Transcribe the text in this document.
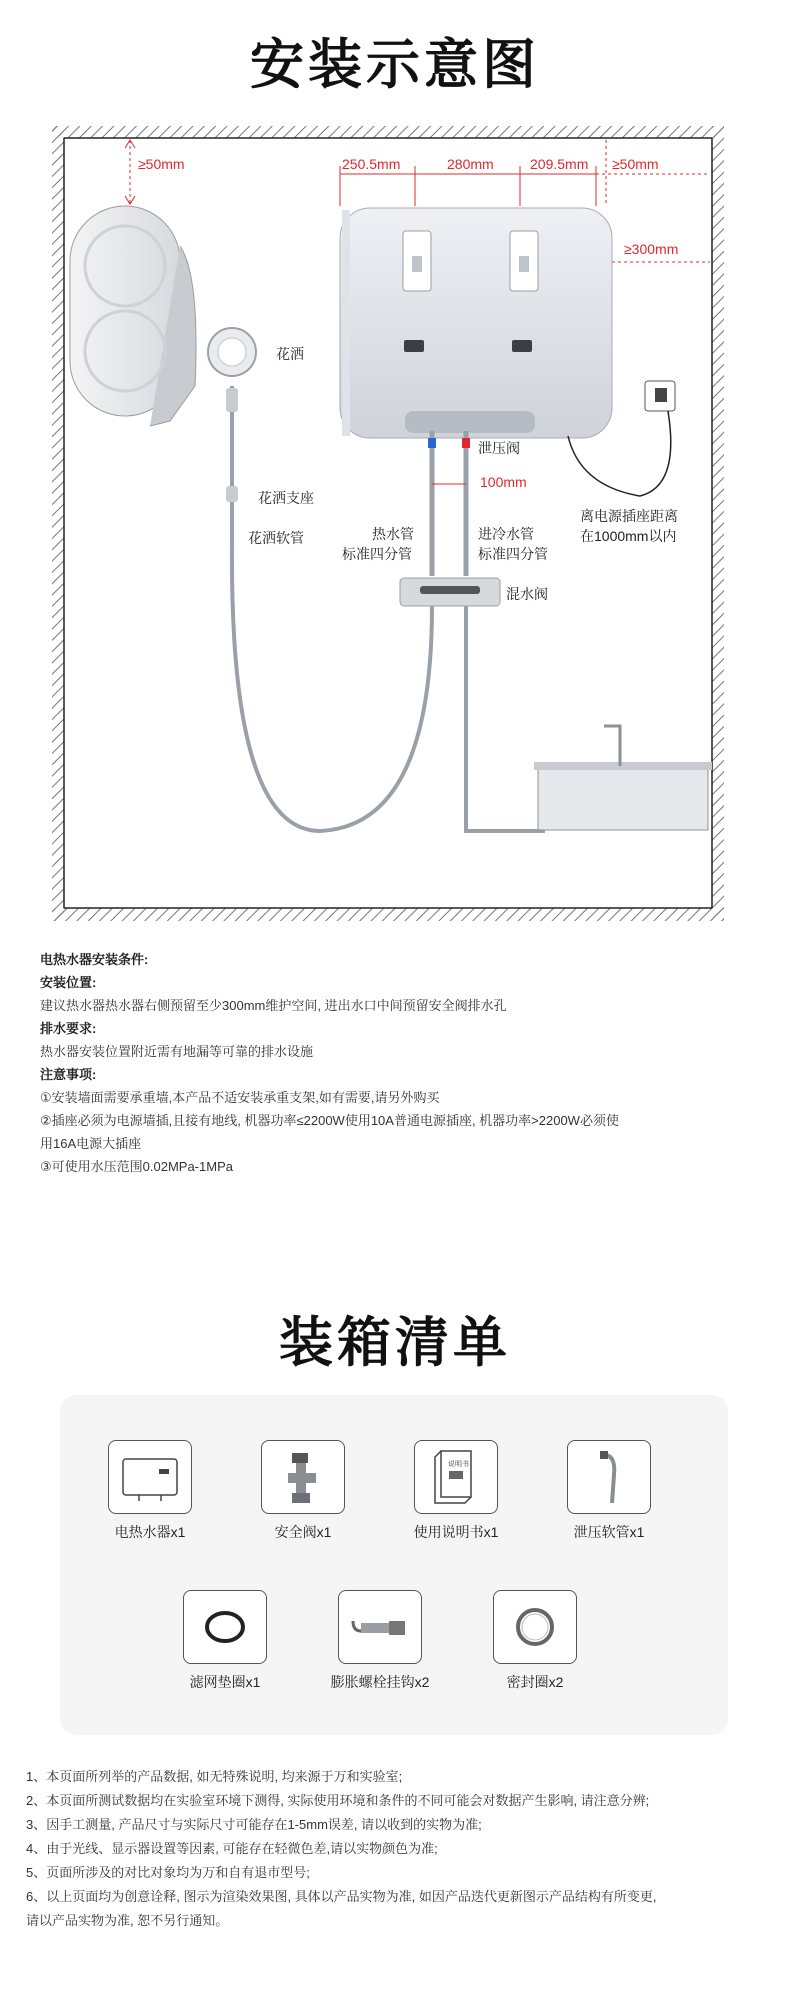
安装示意图
≥50mm	250.5mm	280mm	209.5mm ≥50mm
≥300mm
100mm
花洒
花洒支座
花洒软管
泄压阀
热水管
标准四分管
进冷水管
标准四分管
混水阀
离电源插座距离
在1000mm以内
电热水器安装条件:
安装位置:
建议热水器热水器右侧预留至少300mm维护空间, 进出水口中间预留安全阀排水孔
排水要求:
热水器安装位置附近需有地漏等可靠的排水设施
注意事项:
①安装墙面需要承重墙,本产品不适安装承重支架,如有需要,请另外购买
②插座必须为电源墙插,且接有地线, 机器功率≤2200W使用10A普通电源插座, 机器功率>2200W必须使
用16A电源大插座
③可使用水压范围0.02MPa-1MPa
装箱清单
电热水器x1	安全阀x1
说明书
使用说明书x1	泄压软管x1
滤网垫圈x1	膨胀螺栓挂钩x2	密封圈x2
1、本页面所列举的产品数据, 如无特殊说明, 均来源于万和实验室;
2、本页面所测试数据均在实验室环境下测得, 实际使用环境和条件的不同可能会对数据产生影响, 请注意分辨;
3、因手工测量, 产品尺寸与实际尺寸可能存在1-5mm误差, 请以收到的实物为准;
4、由于光线、显示器设置等因素, 可能存在轻微色差,请以实物颜色为准;
5、页面所涉及的对比对象均为万和自有退市型号;
6、以上页面均为创意诠释, 图示为渲染效果图, 具体以产品实物为准, 如因产品迭代更新图示产品结构有所变更,
请以产品实物为准, 恕不另行通知。
